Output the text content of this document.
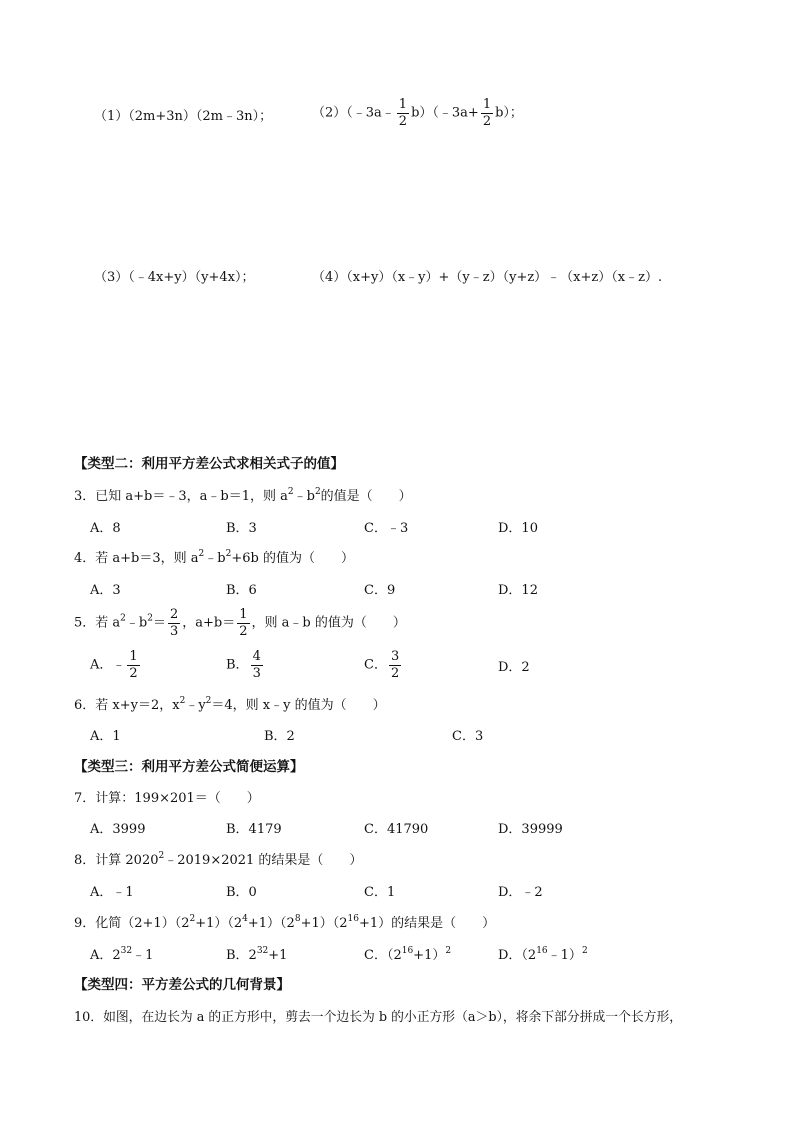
（1）（2m+3n）（2m﹣3n）；	（2）（﹣3a﹣ $\frac{1}{2}$ b）（﹣3a+ $\frac{1}{2} b$）；
（3）（﹣4x+y）（y+4x）；	（4）（x+y）（x﹣y）+（y﹣z）（y+z）﹣（x+z）（x﹣z）.
【类型二：利用平方差公式求相关式子的值】
3．已知 a+b＝﹣3，a﹣b＝1，则 $a^2﹣b^2$的值是（　　）
A．8	B．3	C．﹣3	D．10
4．若 a+b＝3，则 $a^2﹣b^2+6b$ 的值为（　　）
A．3	B．6	C．9	D．12
5．若 $a^2﹣b^2= \frac{2}{3}$ ，$a+b= \frac{1}{2}$ ，则 a﹣b 的值为（　　）
A．﹣ $\frac{1}{2}$	B． $\frac{4}{3}$	C． $\frac{3}{2}$	D．2
6．若 x+y＝2，$x^2﹣y^2=4$，则 x﹣y 的值为（　　）
A．1	B．2	C．3
【类型三：利用平方差公式简便运算】
7．计算：199×201＝（　　）
A．3999	B．4179	C．41790	D．39999
8．计算 $2020^2﹣2019\times 2021$ 的结果是（　　）
A．﹣1	B．0	C．1	D．﹣2
9．化简$(2+1)(2^2+1)(2^4+1)(2^8+1)(2^{16}+1)$的结果是（　　）
A．$2^{32}﹣1$	B．$2^{32}+1$	C．$(2^{16}+1)^2$	D．$(2^{16}﹣1)^2$
【类型四：平方差公式的几何背景】
10．如图，在边长为 a 的正方形中，剪去一个边长为 b 的小正方形（a＞b），将余下部分拼成一个长方形，
